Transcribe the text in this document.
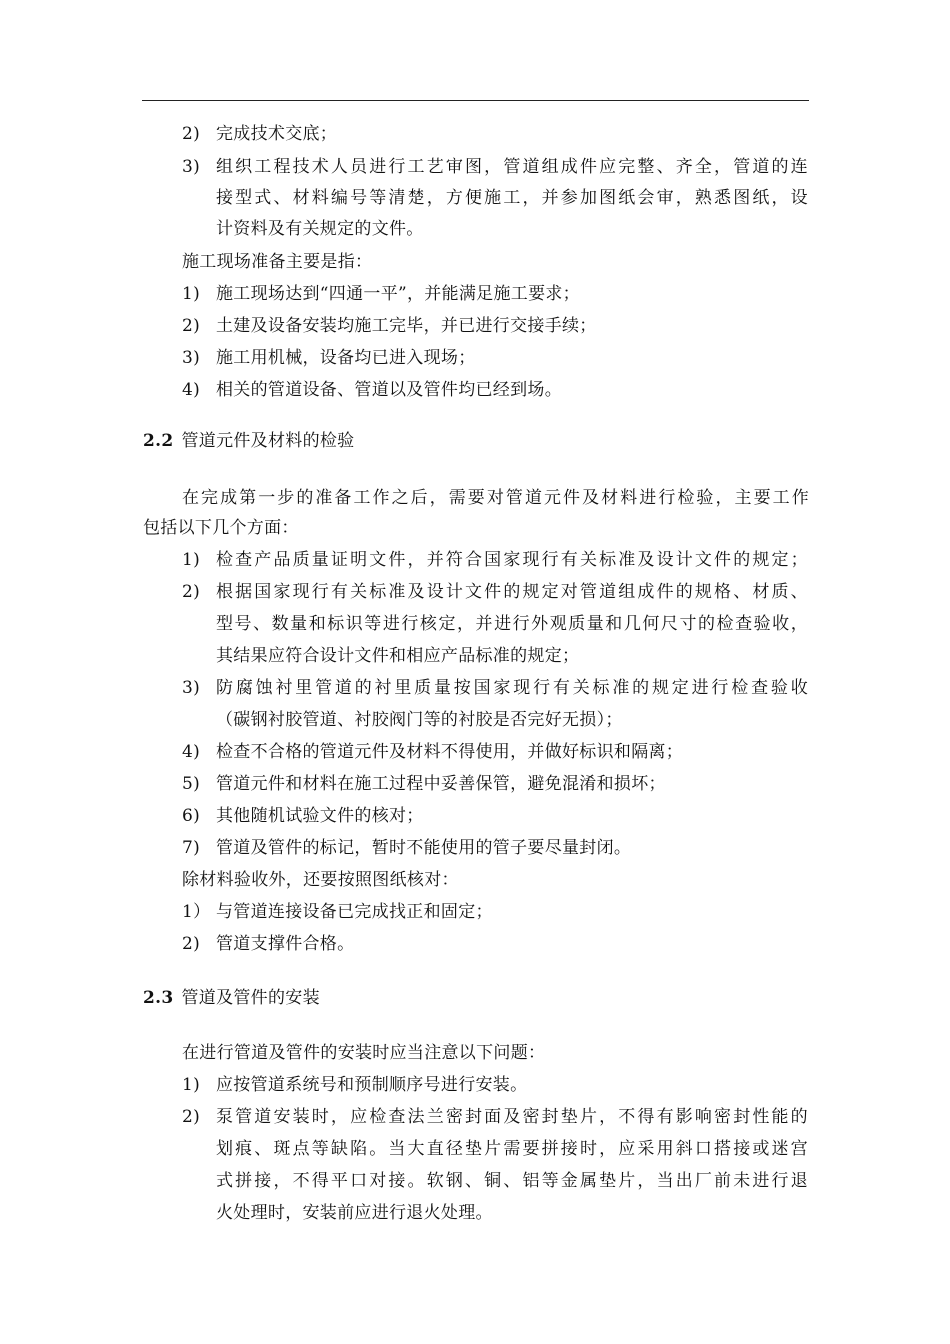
2) 完成技术交底；
3) 组织工程技术人员进行工艺审图，管道组成件应完整、齐全，管道的连
接型式、材料编号等清楚，方便施工，并参加图纸会审，熟悉图纸，设
计资料及有关规定的文件。
施工现场准备主要是指：
1) 施工现场达到“四通一平”，并能满足施工要求；
2) 土建及设备安装均施工完毕，并已进行交接手续；
3) 施工用机械，设备均已进入现场；
4) 相关的管道设备、管道以及管件均已经到场。
2.2 管道元件及材料的检验
在完成第一步的准备工作之后，需要对管道元件及材料进行检验，主要工作
包括以下几个方面：
1) 检查产品质量证明文件，并符合国家现行有关标准及设计文件的规定；
2) 根据国家现行有关标准及设计文件的规定对管道组成件的规格、材质、
型号、数量和标识等进行核定，并进行外观质量和几何尺寸的检查验收，
其结果应符合设计文件和相应产品标准的规定；
3) 防腐蚀衬里管道的衬里质量按国家现行有关标准的规定进行检查验收
（碳钢衬胶管道、衬胶阀门等的衬胶是否完好无损）；
4) 检查不合格的管道元件及材料不得使用，并做好标识和隔离；
5) 管道元件和材料在施工过程中妥善保管，避免混淆和损坏；
6) 其他随机试验文件的核对；
7) 管道及管件的标记，暂时不能使用的管子要尽量封闭。
除材料验收外，还要按照图纸核对：
1） 与管道连接设备已完成找正和固定；
2) 管道支撑件合格。
2.3 管道及管件的安装
在进行管道及管件的安装时应当注意以下问题：
1) 应按管道系统号和预制顺序号进行安装。
2) 泵管道安装时，应检查法兰密封面及密封垫片，不得有影响密封性能的
划痕、斑点等缺陷。当大直径垫片需要拼接时，应采用斜口搭接或迷宫
式拼接，不得平口对接。软钢、铜、铝等金属垫片，当出厂前未进行退
火处理时，安装前应进行退火处理。
